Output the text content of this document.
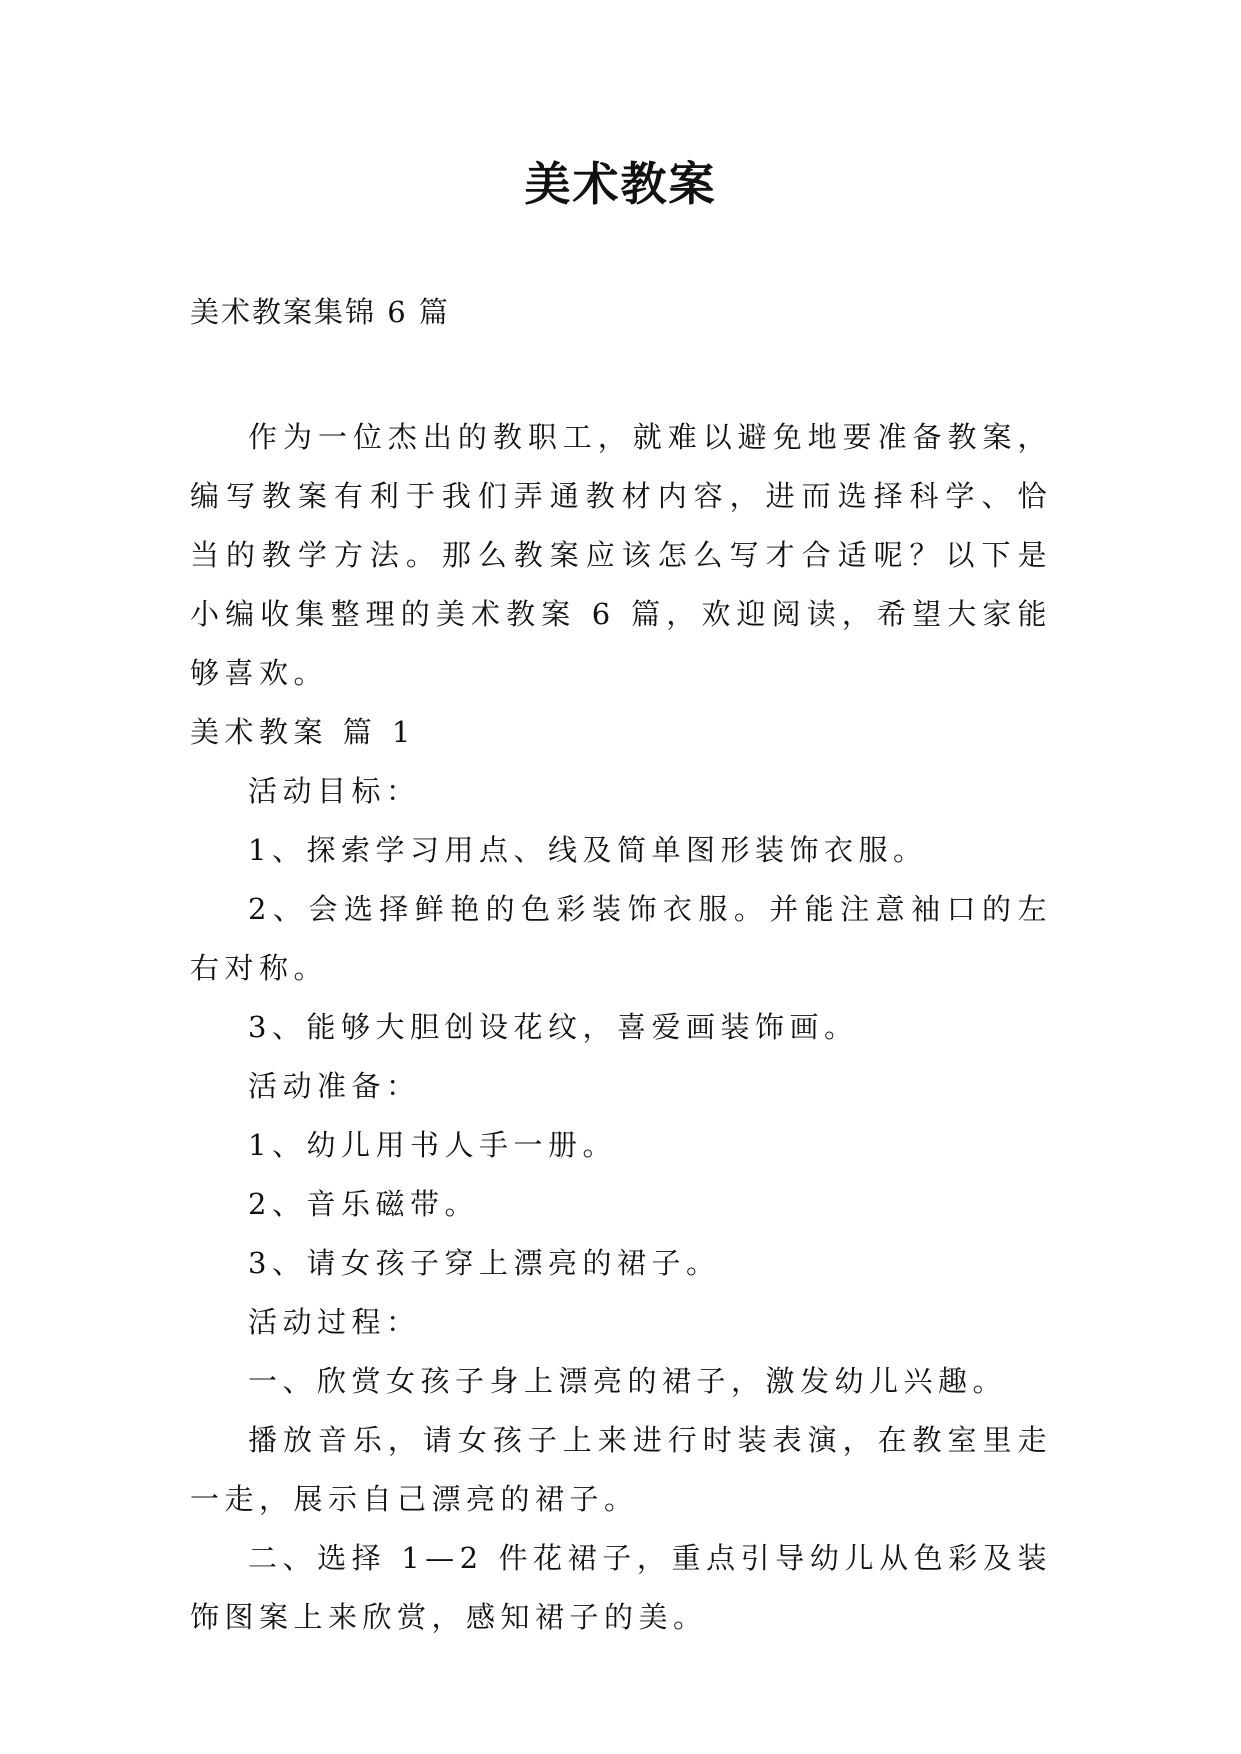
美术教案
美术教案集锦 6 篇

作为一位杰出的教职工，就难以避免地要准备教案，编写教案有利于我们弄通教材内容，进而选择科学、恰当的教学方法。那么教案应该怎么写才合适呢？以下是小编收集整理的美术教案 6 篇，欢迎阅读，希望大家能够喜欢。

美术教案 篇 1

活动目标：

1、探索学习用点、线及简单图形装饰衣服。

2、会选择鲜艳的色彩装饰衣服。并能注意袖口的左右对称。

3、能够大胆创设花纹，喜爱画装饰画。

活动准备：

1、幼儿用书人手一册。

2、音乐磁带。

3、请女孩子穿上漂亮的裙子。

活动过程：

一、欣赏女孩子身上漂亮的裙子，激发幼儿兴趣。

播放音乐，请女孩子上来进行时装表演，在教室里走一走，展示自己漂亮的裙子。

二、选择 1—2 件花裙子，重点引导幼儿从色彩及装饰图案上来欣赏，感知裙子的美。
